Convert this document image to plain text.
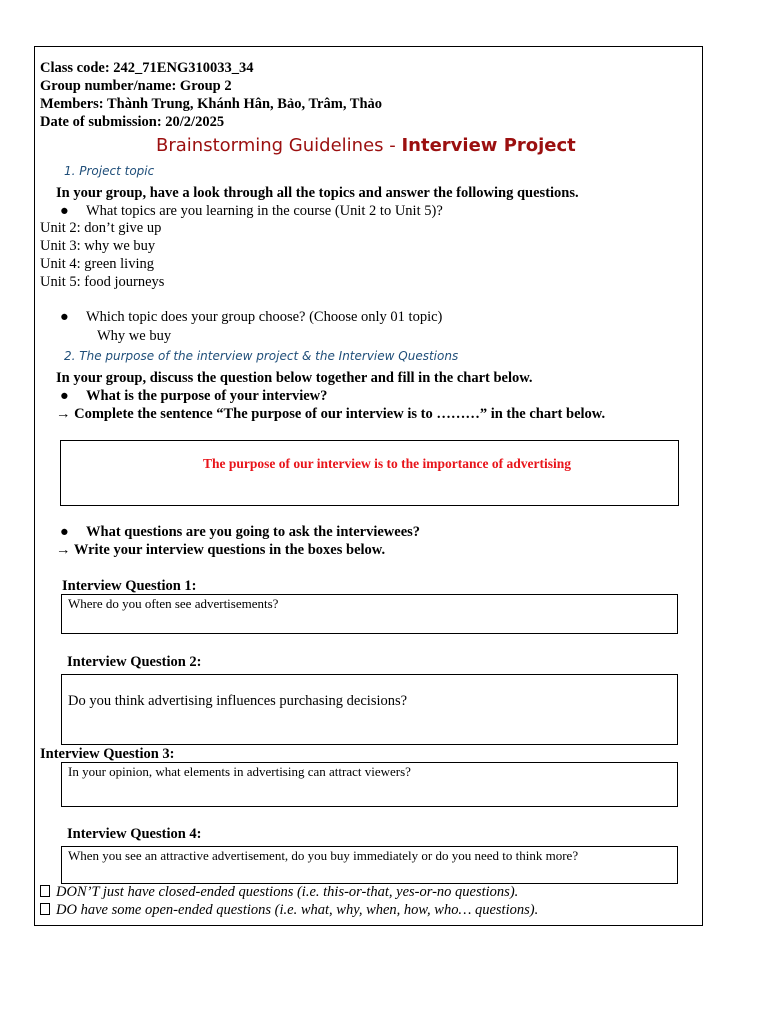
Class code: 242_71ENG310033_34
Group number/name: Group 2
Members: Thành Trung, Khánh Hân, Bảo, Trâm, Thảo
Date of submission: 20/2/2025
Brainstorming Guidelines - Interview Project
1. Project topic
In your group, have a look through all the topics and answer the following questions.
● What topics are you learning in the course (Unit 2 to Unit 5)?
Unit 2: don’t give up
Unit 3: why we buy
Unit 4: green living
Unit 5: food journeys
● Which topic does your group choose? (Choose only 01 topic)
Why we buy
2. The purpose of the interview project & the Interview Questions
In your group, discuss the question below together and fill in the chart below.
● What is the purpose of your interview?
→ Complete the sentence “The purpose of our interview is to ………” in the chart below.
The purpose of our interview is to the importance of advertising
● What questions are you going to ask the interviewees?
→ Write your interview questions in the boxes below.
Interview Question 1:
Where do you often see advertisements?
Interview Question 2:
Do you think advertising influences purchasing decisions?
Interview Question 3:
In your opinion, what elements in advertising can attract viewers?
Interview Question 4:
When you see an attractive advertisement, do you buy immediately or do you need to think more?
DON’T just have closed-ended questions (i.e. this-or-that, yes-or-no questions).
DO have some open-ended questions (i.e. what, why, when, how, who… questions).
